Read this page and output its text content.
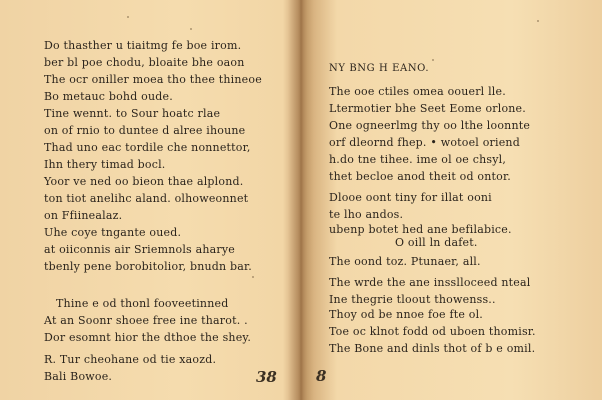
Do thasther u tiaitmg fe boe irom.
ber bl poe chodu, bloaite bhe oaon
The ocr oniller moea tho thee thineoe
Bo metauc bohd oude.
Tine wennt. to Sour hoatc rlae
on of rnio to duntee d alree ihoune
Thad uno eac tordile che nonnettor,
Ihn thery timad bocl.
Yoor ve ned oo bieon thae alplond.
ton tiot anelihc aland. olhoweonnet
on Ffiinealaz.
Uhe coye tngante oued.
at oiiconnis air Sriemnols aharye
tbenly pene borobitolior, bnudn bar.
Thine e od thonl fooveetinned
At an Soonr shoee free ine tharot. .
Dor esomnt hior the dthoe the shey.
R. Tur cheohane od tie xaozd.
Bali Bowoe.	38
NY BNG H EANO.
The ooe ctiles omea oouerl lle.
Ltermotier bhe Seet Eome orlone.
One ogneerlmg thy oo lthe loonnte
orf dleornd fhep. • wotoel oriend
h.do tne tihee. ime ol oe chsyl,
thet becloe anod theit od ontor.
Dlooe oont tiny for illat ooni
te lho andos.
ubenp botet hed ane befilabice.
O oill ln dafet.
The oond toz. Ptunaer, all.
The wrde the ane insslloceed nteal
Ine thegrie tloout thowenss..
Thoy od be nnoe foe fte ol.
Toe oc klnot fodd od uboen thomisr.
The Bone and dinls thot of b e omil.
8
